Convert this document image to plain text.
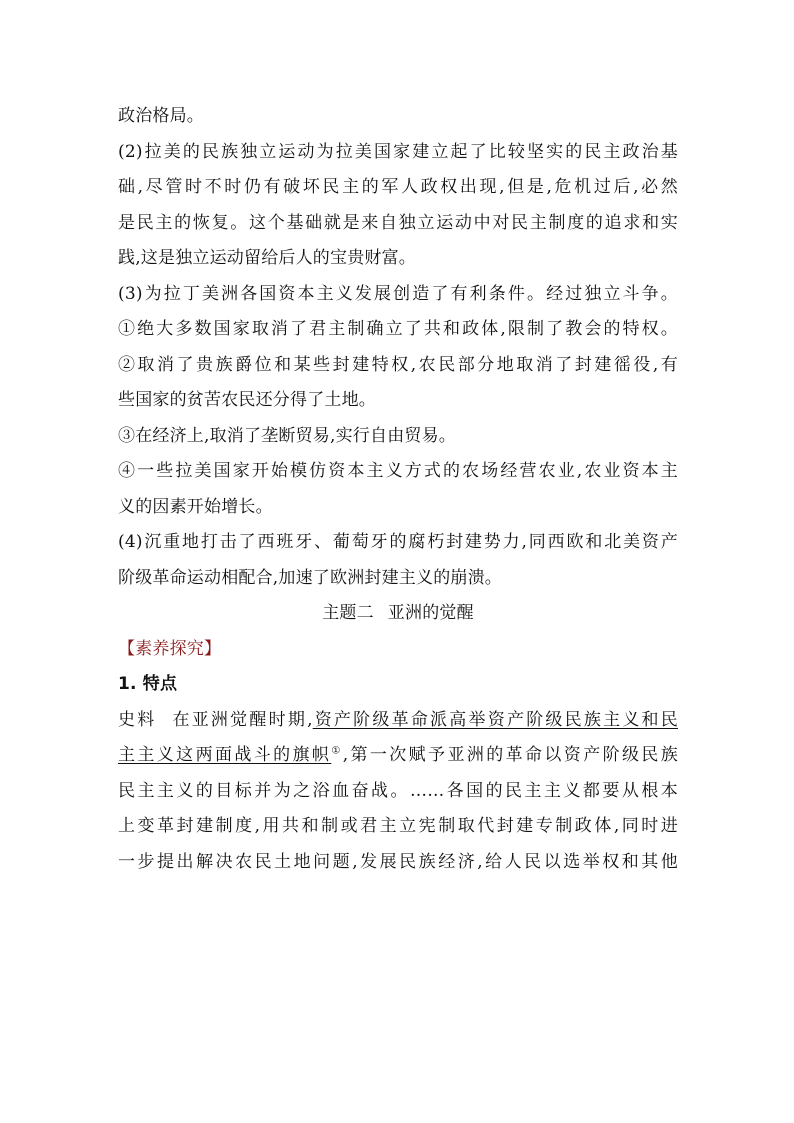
政治格局。
(2)拉美的民族独立运动为拉美国家建立起了比较坚实的民主政治基
础,尽管时不时仍有破坏民主的军人政权出现,但是,危机过后,必然
是民主的恢复。这个基础就是来自独立运动中对民主制度的追求和实
践,这是独立运动留给后人的宝贵财富。
(3)为拉丁美洲各国资本主义发展创造了有利条件。经过独立斗争。
①绝大多数国家取消了君主制确立了共和政体,限制了教会的特权。
②取消了贵族爵位和某些封建特权,农民部分地取消了封建徭役,有
些国家的贫苦农民还分得了土地。
③在经济上,取消了垄断贸易,实行自由贸易。
④一些拉美国家开始模仿资本主义方式的农场经营农业,农业资本主
义的因素开始增长。
(4)沉重地打击了西班牙、葡萄牙的腐朽封建势力,同西欧和北美资产
阶级革命运动相配合,加速了欧洲封建主义的崩溃。
主题二 亚洲的觉醒
【素养探究】
1. 特点
史料 在亚洲觉醒时期,资产阶级革命派高举资产阶级民族主义和民
主主义这两面战斗的旗帜①,第一次赋予亚洲的革命以资产阶级民族
民主主义的目标并为之浴血奋战。……各国的民主主义都要从根本
上变革封建制度,用共和制或君主立宪制取代封建专制政体,同时进
一步提出解决农民土地问题,发展民族经济,给人民以选举权和其他
